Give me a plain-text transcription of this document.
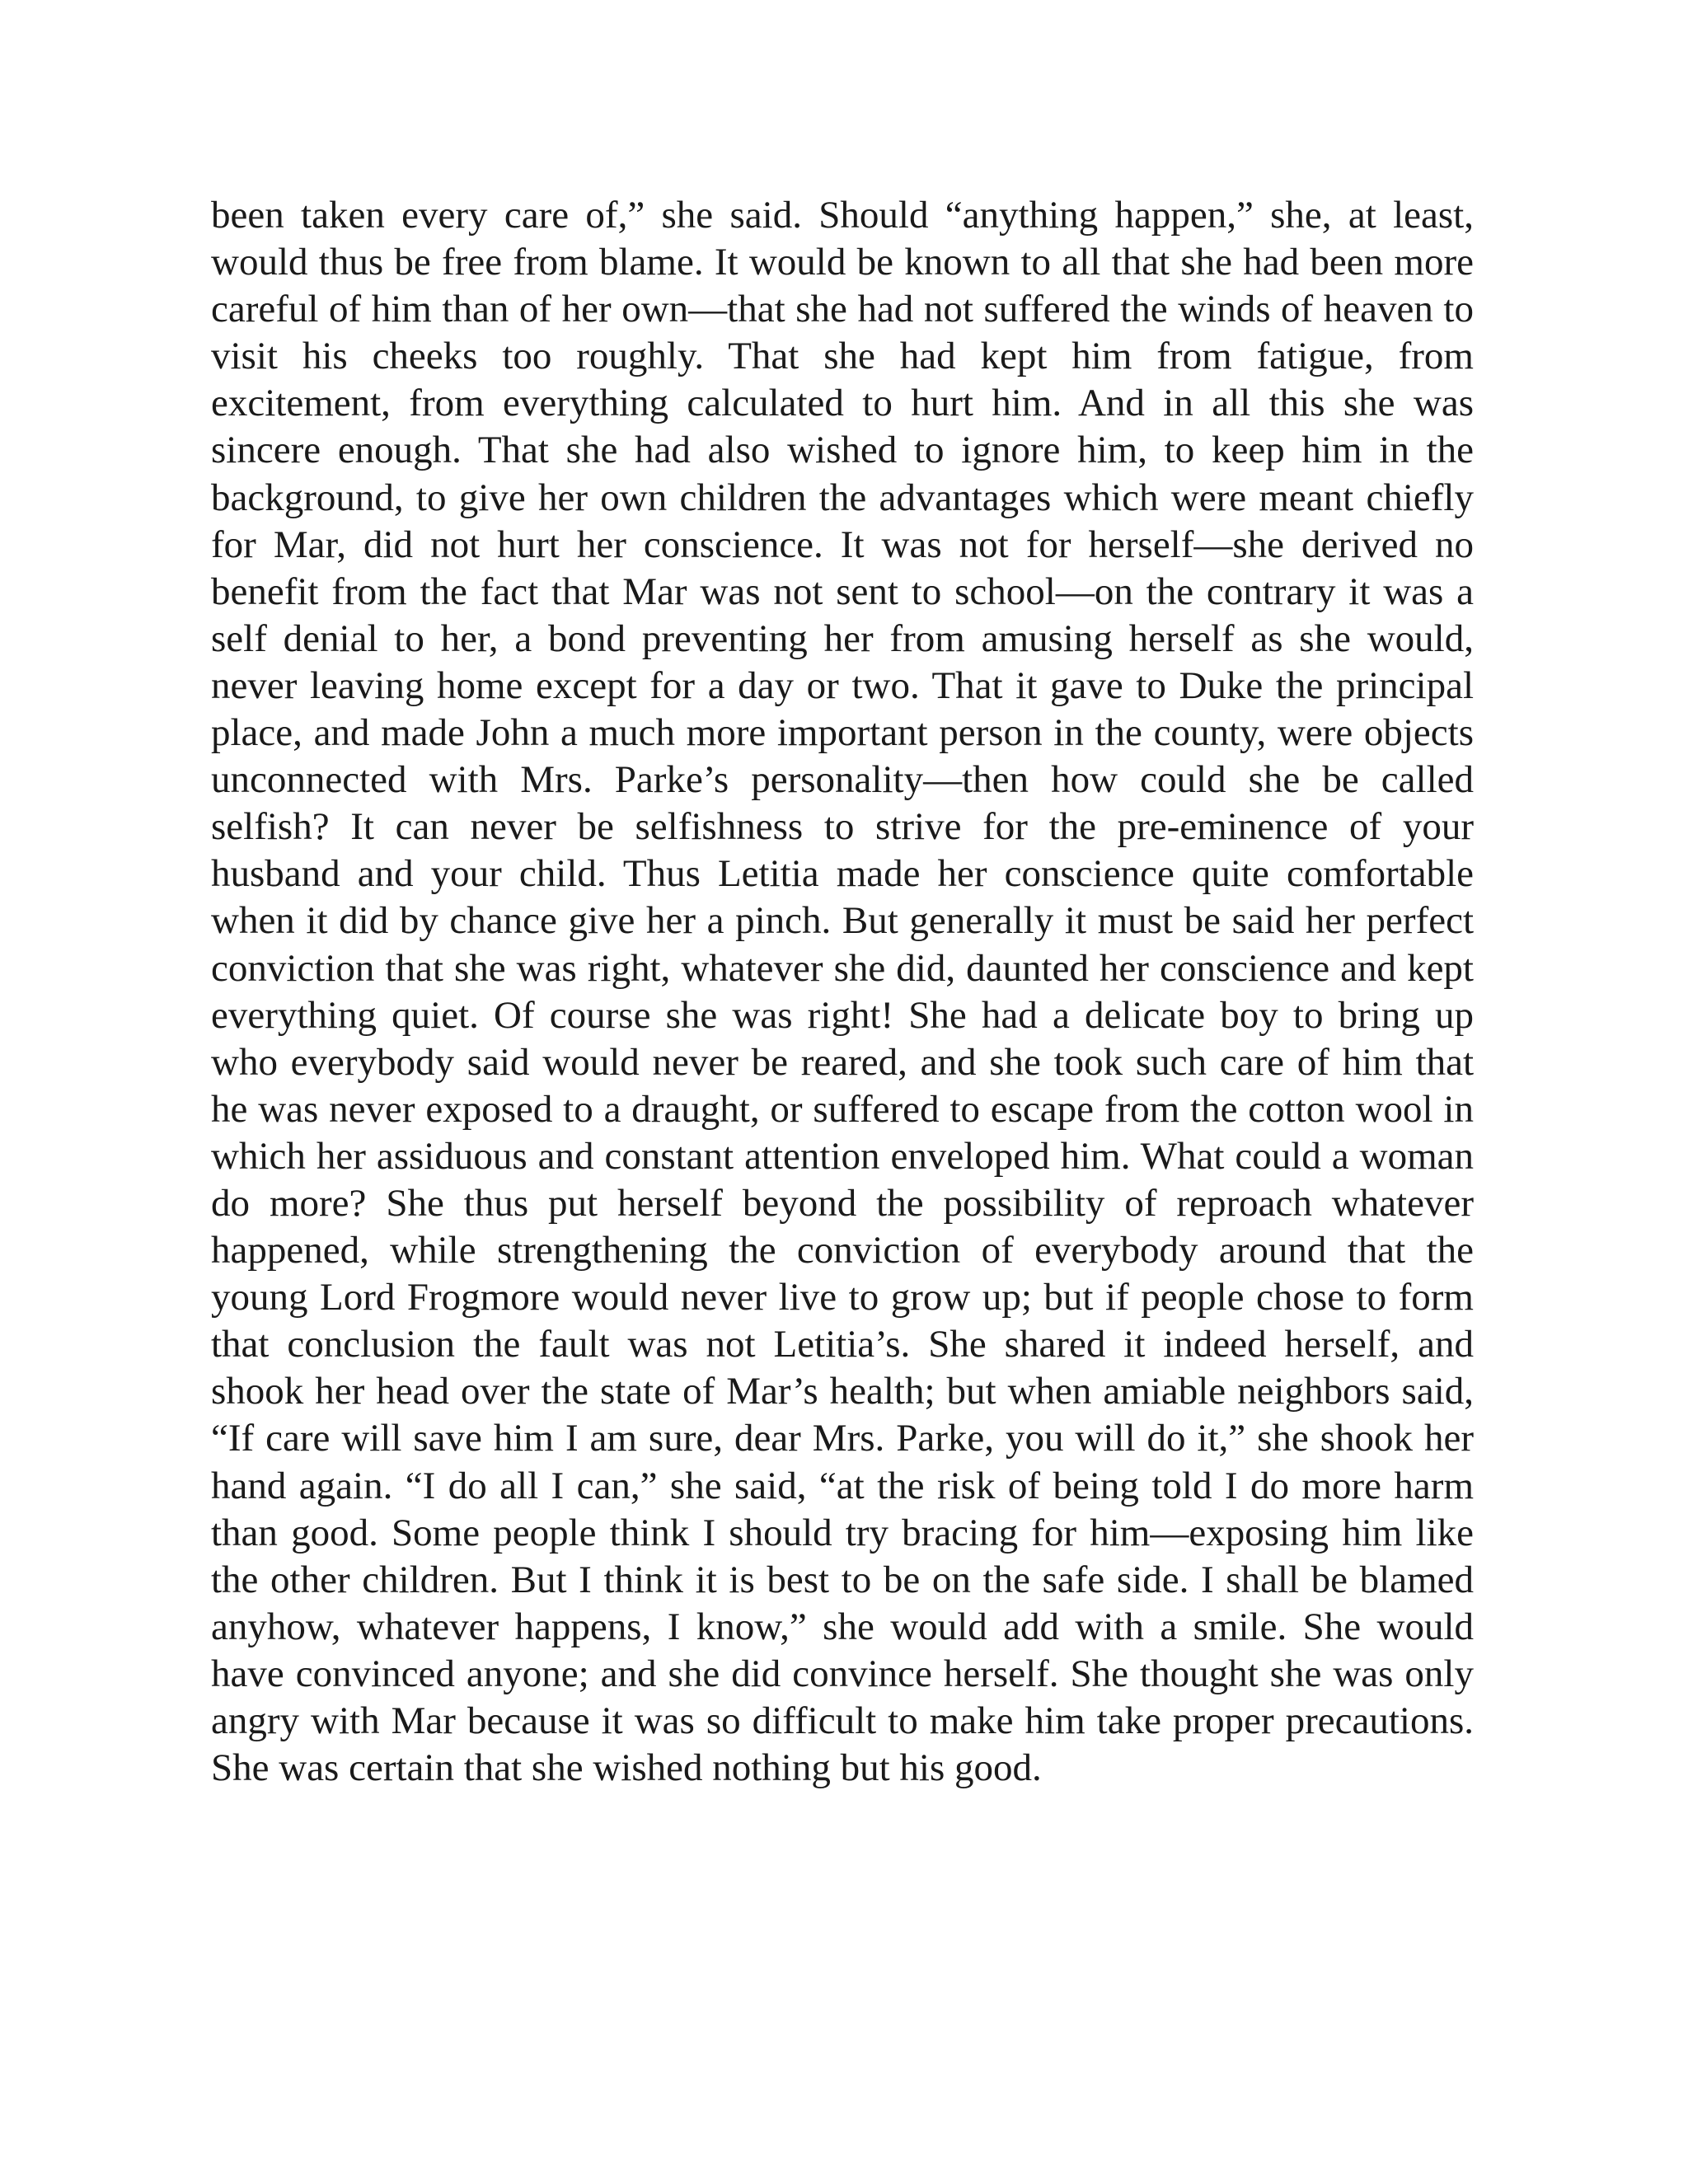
been taken every care of,” she said. Should “anything happen,” she, at least, would thus be free from blame. It would be known to all that she had been more careful of him than of her own—that she had not suffered the winds of heaven to visit his cheeks too roughly. That she had kept him from fatigue, from excitement, from everything calculated to hurt him. And in all this she was sincere enough. That she had also wished to ignore him, to keep him in the background, to give her own children the advantages which were meant chiefly for Mar, did not hurt her conscience. It was not for herself—she derived no benefit from the fact that Mar was not sent to school—on the contrary it was a self denial to her, a bond preventing her from amusing herself as she would, never leaving home except for a day or two. That it gave to Duke the principal place, and made John a much more important person in the county, were objects unconnected with Mrs. Parke’s personality—then how could she be called selfish? It can never be selfishness to strive for the pre-eminence of your husband and your child. Thus Letitia made her conscience quite comfortable when it did by chance give her a pinch. But generally it must be said her perfect conviction that she was right, whatever she did, daunted her conscience and kept everything quiet. Of course she was right! She had a delicate boy to bring up who everybody said would never be reared, and she took such care of him that he was never exposed to a draught, or suffered to escape from the cotton wool in which her assiduous and constant attention enveloped him. What could a woman do more? She thus put herself beyond the possibility of reproach whatever happened, while strengthening the conviction of everybody around that the young Lord Frogmore would never live to grow up; but if people chose to form that conclusion the fault was not Letitia’s. She shared it indeed herself, and shook her head over the state of Mar’s health; but when amiable neighbors said, “If care will save him I am sure, dear Mrs. Parke, you will do it,” she shook her hand again. “I do all I can,” she said, “at the risk of being told I do more harm than good. Some people think I should try bracing for him—exposing him like the other children. But I think it is best to be on the safe side. I shall be blamed anyhow, whatever happens, I know,” she would add with a smile. She would have convinced anyone; and she did convince herself. She thought she was only angry with Mar because it was so difficult to make him take proper precautions. She was certain that she wished nothing but his good.
